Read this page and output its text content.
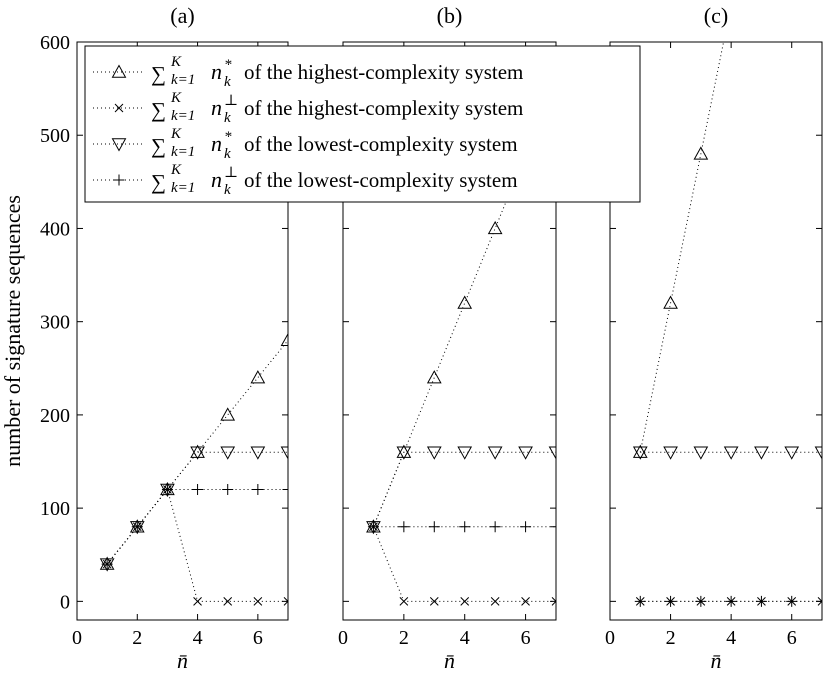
0	2	4	6
0
100
200
300
400
500
600
(a)
n̄
number of signature sequences
0	2	4	6
(b)
n̄
0	2	4	6
(c)
n̄
∑ K
k=1 n *
k of the highest-complexity system
∑ K
k=1 n ⊥
k of the highest-complexity system
∑ K
k=1 n *
k of the lowest-complexity system
∑ K
k=1 n ⊥
k of the lowest-complexity system
